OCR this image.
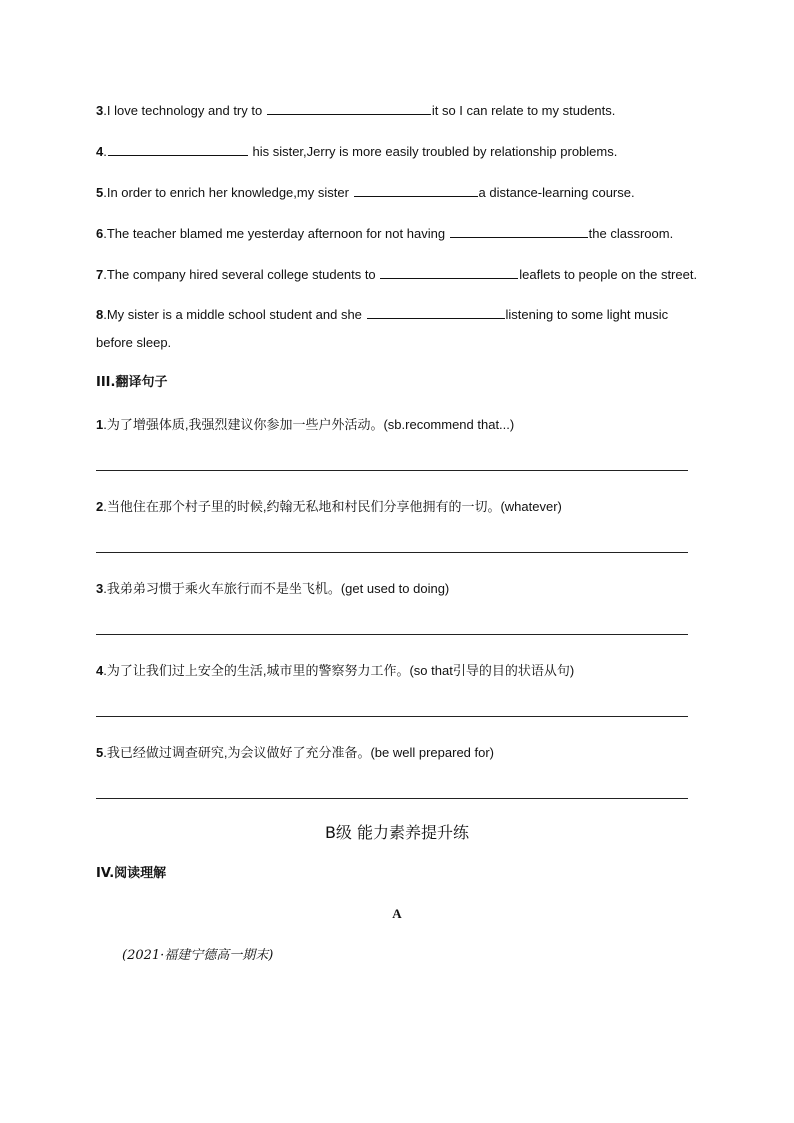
3.I love technology and try to	it so I can relate to my students.
4.	his sister,Jerry is more easily troubled by relationship problems.
5.In order to enrich her knowledge,my sister	a distance-learning course.
6.The teacher blamed me yesterday afternoon for not having	the classroom.
7.The company hired several college students to	leaflets to people on the street.
8.My sister is a middle school student and she	listening to some light music
before sleep.
III.翻译句子
1.为了增强体质,我强烈建议你参加一些户外活动。(sb.recommend that...)
2.当他住在那个村子里的时候,约翰无私地和村民们分享他拥有的一切。(whatever)
3.我弟弟习惯于乘火车旅行而不是坐飞机。(get used to doing)
4.为了让我们过上安全的生活,城市里的警察努力工作。(so that引导的目的状语从句)
5.我已经做过调查研究,为会议做好了充分准备。(be well prepared for)
B级 能力素养提升练
IV.阅读理解
A
(2021·福建宁德高一期末)
